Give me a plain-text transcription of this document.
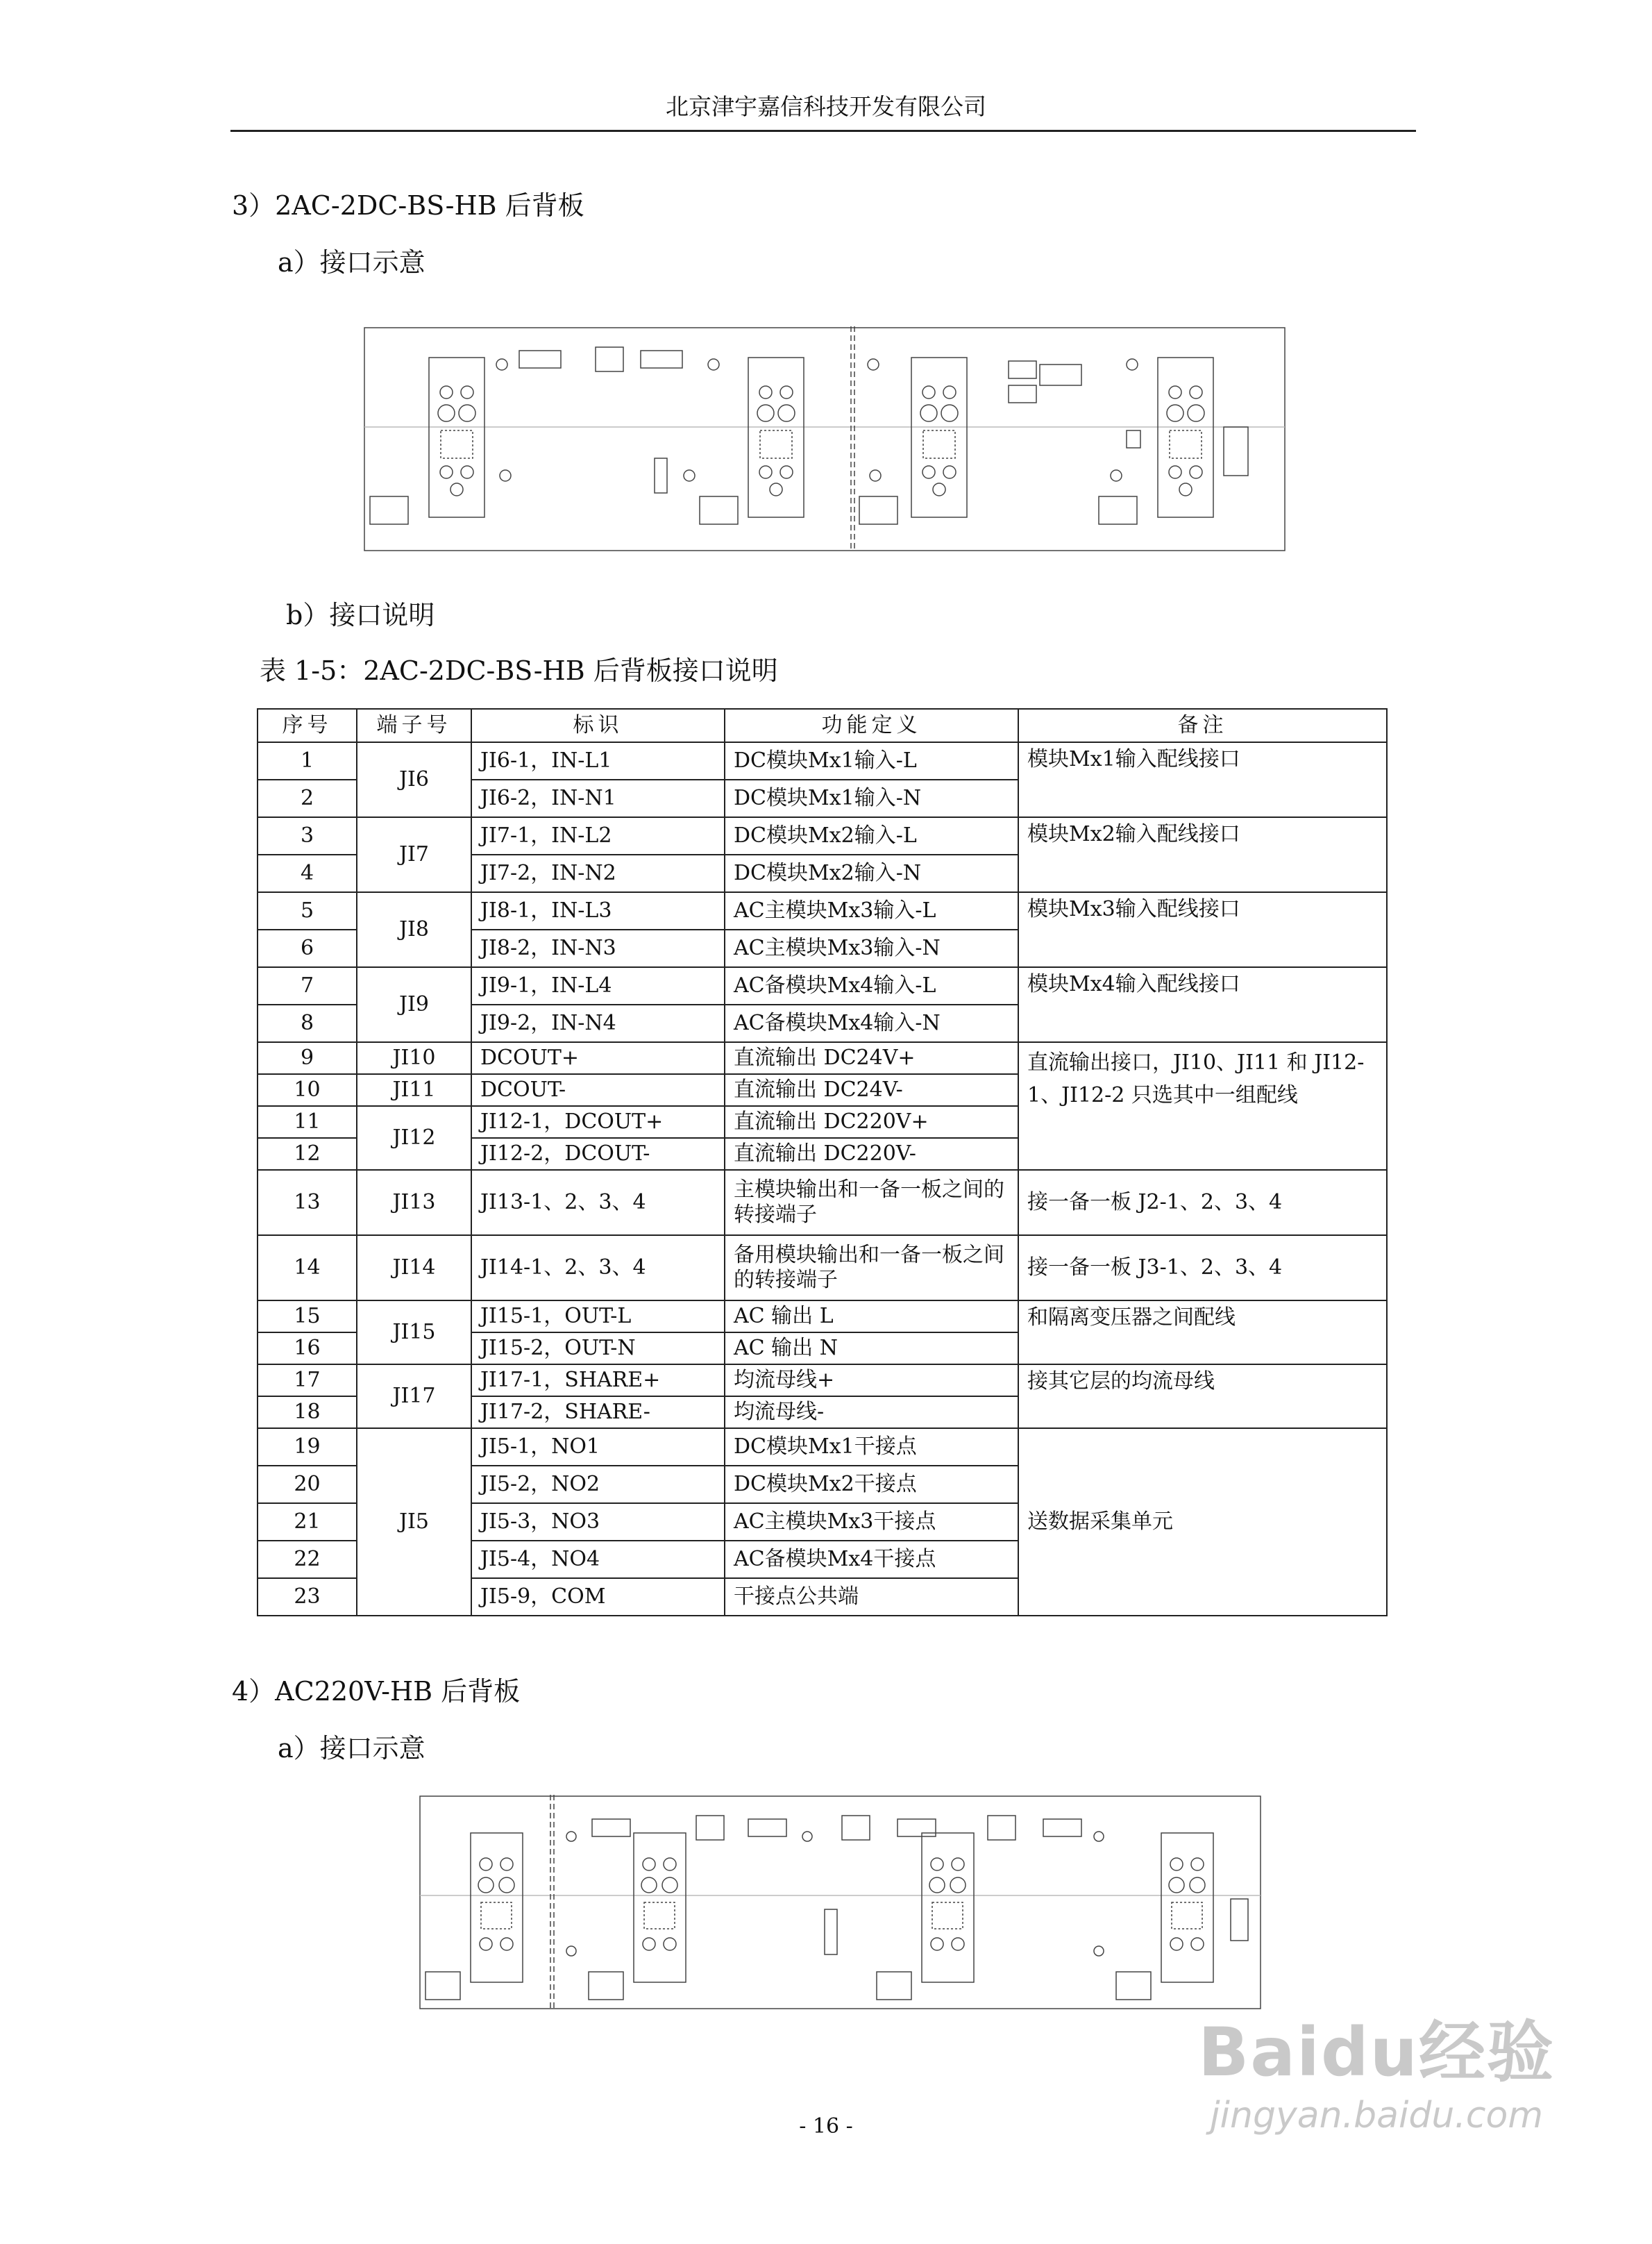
北京津宇嘉信科技开发有限公司
3）2AC-2DC-BS-HB 后背板
a）接口示意
b）接口说明
表 1-5：2AC-2DC-BS-HB 后背板接口说明
序号	端子号	标识	功能定义	备注
1	JI6	JI6-1，IN-L1	DC模块Mx1输入-L	模块Mx1输入配线接口
2		JI6-2，IN-N1	DC模块Mx1输入-N	
3	JI7	JI7-1，IN-L2	DC模块Mx2输入-L	模块Mx2输入配线接口
4		JI7-2，IN-N2	DC模块Mx2输入-N	
5	JI8	JI8-1，IN-L3	AC主模块Mx3输入-L	模块Mx3输入配线接口
6		JI8-2，IN-N3	AC主模块Mx3输入-N	
7	JI9	JI9-1，IN-L4	AC备模块Mx4输入-L	模块Mx4输入配线接口
8		JI9-2，IN-N4	AC备模块Mx4输入-N	
9	JI10	DCOUT+	直流输出 DC24V+	直流输出接口，JI10、JI11 和 JI12-1、JI12-2 只选其中一组配线
10	JI11	DCOUT-	直流输出 DC24V-	
11	JI12	JI12-1，DCOUT+	直流输出 DC220V+	
12		JI12-2，DCOUT-	直流输出 DC220V-	
13	JI13	JI13-1、2、3、4	主模块输出和一备一板之间的转接端子	接一备一板 J2-1、2、3、4
14	JI14	JI14-1、2、3、4	备用模块输出和一备一板之间的转接端子	接一备一板 J3-1、2、3、4
15	JI15	JI15-1，OUT-L	AC 输出 L	和隔离变压器之间配线
16		JI15-2，OUT-N	AC 输出 N	
17	JI17	JI17-1，SHARE+	均流母线+	接其它层的均流母线
18		JI17-2，SHARE-	均流母线-	
19	JI5	JI5-1，NO1	DC模块Mx1干接点	送数据采集单元
20		JI5-2，NO2	DC模块Mx2干接点	
21		JI5-3，NO3	AC主模块Mx3干接点	
22		JI5-4，NO4	AC备模块Mx4干接点	
23		JI5-9，COM	干接点公共端	
4）AC220V-HB 后背板
a）接口示意
- 16 -
Baidu经验
jingyan.baidu.com
